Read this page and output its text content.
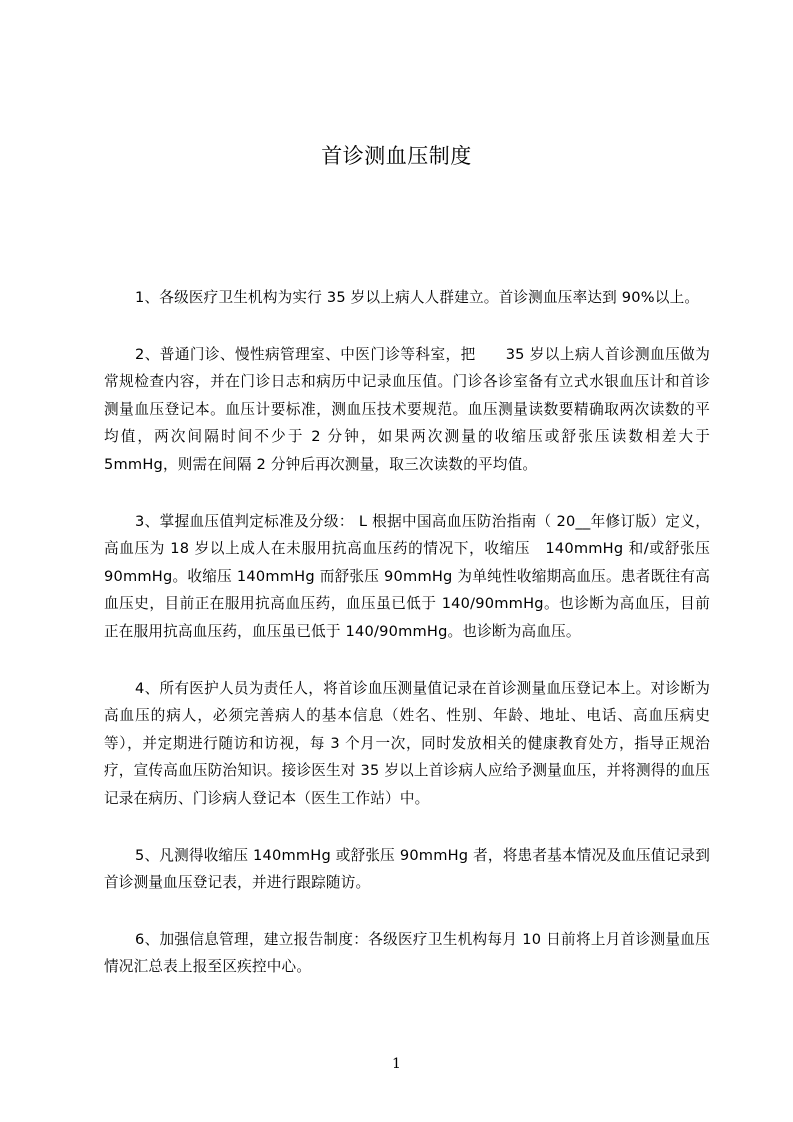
首诊测血压制度

1、各级医疗卫生机构为实行 35 岁以上病人人群建立。首诊测血压率达到 90%以上。

2、普通门诊、慢性病管理室、中医门诊等科室，把　　35 岁以上病人首诊测血压做为常规检查内容，并在门诊日志和病历中记录血压值。门诊各诊室备有立式水银血压计和首诊测量血压登记本。血压计要标准，测血压技术要规范。血压测量读数要精确取两次读数的平均值，两次间隔时间不少于 2 分钟，如果两次测量的收缩压或舒张压读数相差大于 5mmHg，则需在间隔 2 分钟后再次测量，取三次读数的平均值。

3、掌握血压值判定标准及分级： L 根据中国高血压防治指南（ 20__年修订版）定义，高血压为 18 岁以上成人在未服用抗高血压药的情况下，收缩压　140mmHg 和/或舒张压 90mmHg。收缩压 140mmHg 而舒张压 90mmHg 为单纯性收缩期高血压。患者既往有高血压史，目前正在服用抗高血压药，血压虽已低于 140/90mmHg。也诊断为高血压，目前正在服用抗高血压药，血压虽已低于 140/90mmHg。也诊断为高血压。

4、所有医护人员为责任人，将首诊血压测量值记录在首诊测量血压登记本上。对诊断为高血压的病人，必须完善病人的基本信息（姓名、性别、年龄、地址、电话、高血压病史等），并定期进行随访和访视，每 3 个月一次，同时发放相关的健康教育处方，指导正规治疗，宣传高血压防治知识。接诊医生对 35 岁以上首诊病人应给予测量血压，并将测得的血压记录在病历、门诊病人登记本（医生工作站）中。

5、凡测得收缩压 140mmHg 或舒张压 90mmHg 者，将患者基本情况及血压值记录到首诊测量血压登记表，并进行跟踪随访。

6、加强信息管理，建立报告制度：各级医疗卫生机构每月 10 日前将上月首诊测量血压情况汇总表上报至区疾控中心。

1
